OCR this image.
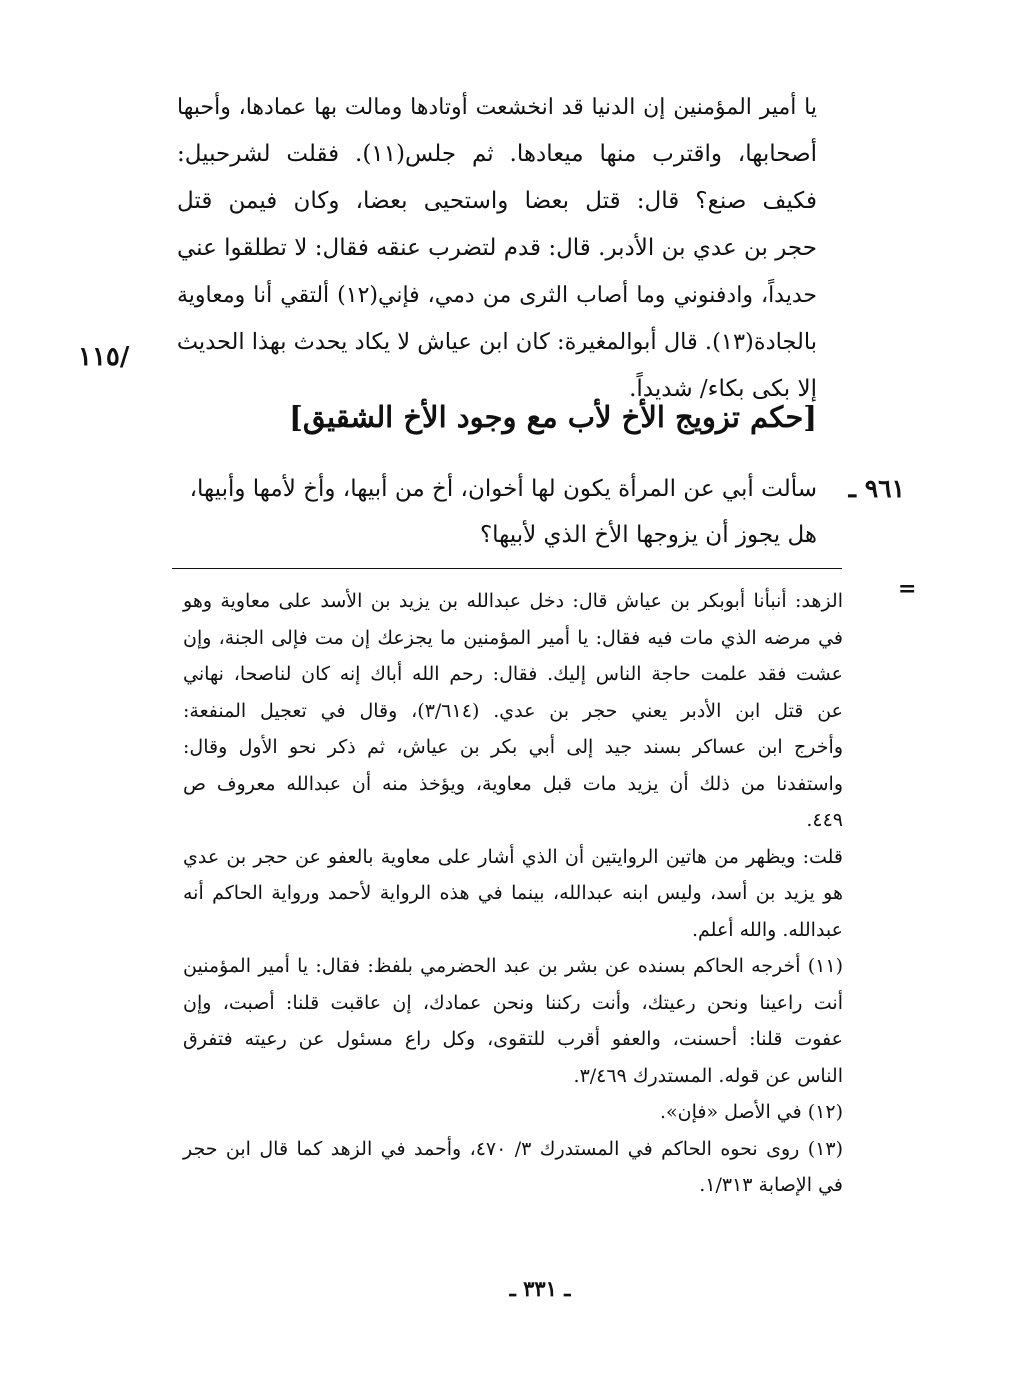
يا أمير المؤمنين إن الدنيا قد انخشعت أوتادها ومالت بها عمادها، وأحبها
أصحابها، واقترب منها ميعادها. ثم جلس(١١). فقلت لشرحبيل:
فكيف صنع؟ قال: قتل بعضا واستحيى بعضا، وكان فيمن قتل
حجر بن عدي بن الأدبر. قال: قدم لتضرب عنقه فقال: لا تطلقوا عني
حديداً، وادفنوني وما أصاب الثرى من دمي، فإني(١٢) ألتقي أنا ومعاوية
بالجادة(١٣). قال أبوالمغيرة: كان ابن عياش لا يكاد يحدث بهذا الحديث
إلا بكى بكاء/ شديداً.
/١١٥
[حكم تزويج الأخ لأب مع وجود الأخ الشقيق]
٩٦١ ـ
سألت أبي عن المرأة يكون لها أخوان، أخ من أبيها، وأخ لأمها وأبيها،
هل يجوز أن يزوجها الأخ الذي لأبيها؟
=
الزهد: أنبأنا أبوبكر بن عياش قال: دخل عبدالله بن يزيد بن الأسد على معاوية وهو
في مرضه الذي مات فيه فقال: يا أمير المؤمنين ما يجزعك إن مت فإلى الجنة، وإن
عشت فقد علمت حاجة الناس إليك. فقال: رحم الله أباك إنه كان لناصحا، نهاني
عن قتل ابن الأدبر يعني حجر بن عدي. (٣/٦١٤)، وقال في تعجيل المنفعة:
وأخرج ابن عساكر بسند جيد إلى أبي بكر بن عياش، ثم ذكر نحو الأول وقال:
واستفدنا من ذلك أن يزيد مات قبل معاوية، ويؤخذ منه أن عبدالله معروف ص
٤٤٩.
قلت: ويظهر من هاتين الروايتين أن الذي أشار على معاوية بالعفو عن حجر بن عدي
هو يزيد بن أسد، وليس ابنه عبدالله، بينما في هذه الرواية لأحمد ورواية الحاكم أنه
عبدالله. والله أعلم.
(١١) أخرجه الحاكم بسنده عن بشر بن عبد الحضرمي بلفظ: فقال: يا أمير المؤمنين
أنت راعينا ونحن رعيتك، وأنت ركننا ونحن عمادك، إن عاقبت قلنا: أصبت، وإن
عفوت قلنا: أحسنت، والعفو أقرب للتقوى، وكل راع مسئول عن رعيته فتفرق
الناس عن قوله. المستدرك ٣/٤٦٩.
(١٢) في الأصل «فإن».
(١٣) روى نحوه الحاكم في المستدرك ٣/ ٤٧٠، وأحمد في الزهد كما قال ابن حجر
في الإصابة ١/٣١٣.
ـ ٣٣١ ـ
